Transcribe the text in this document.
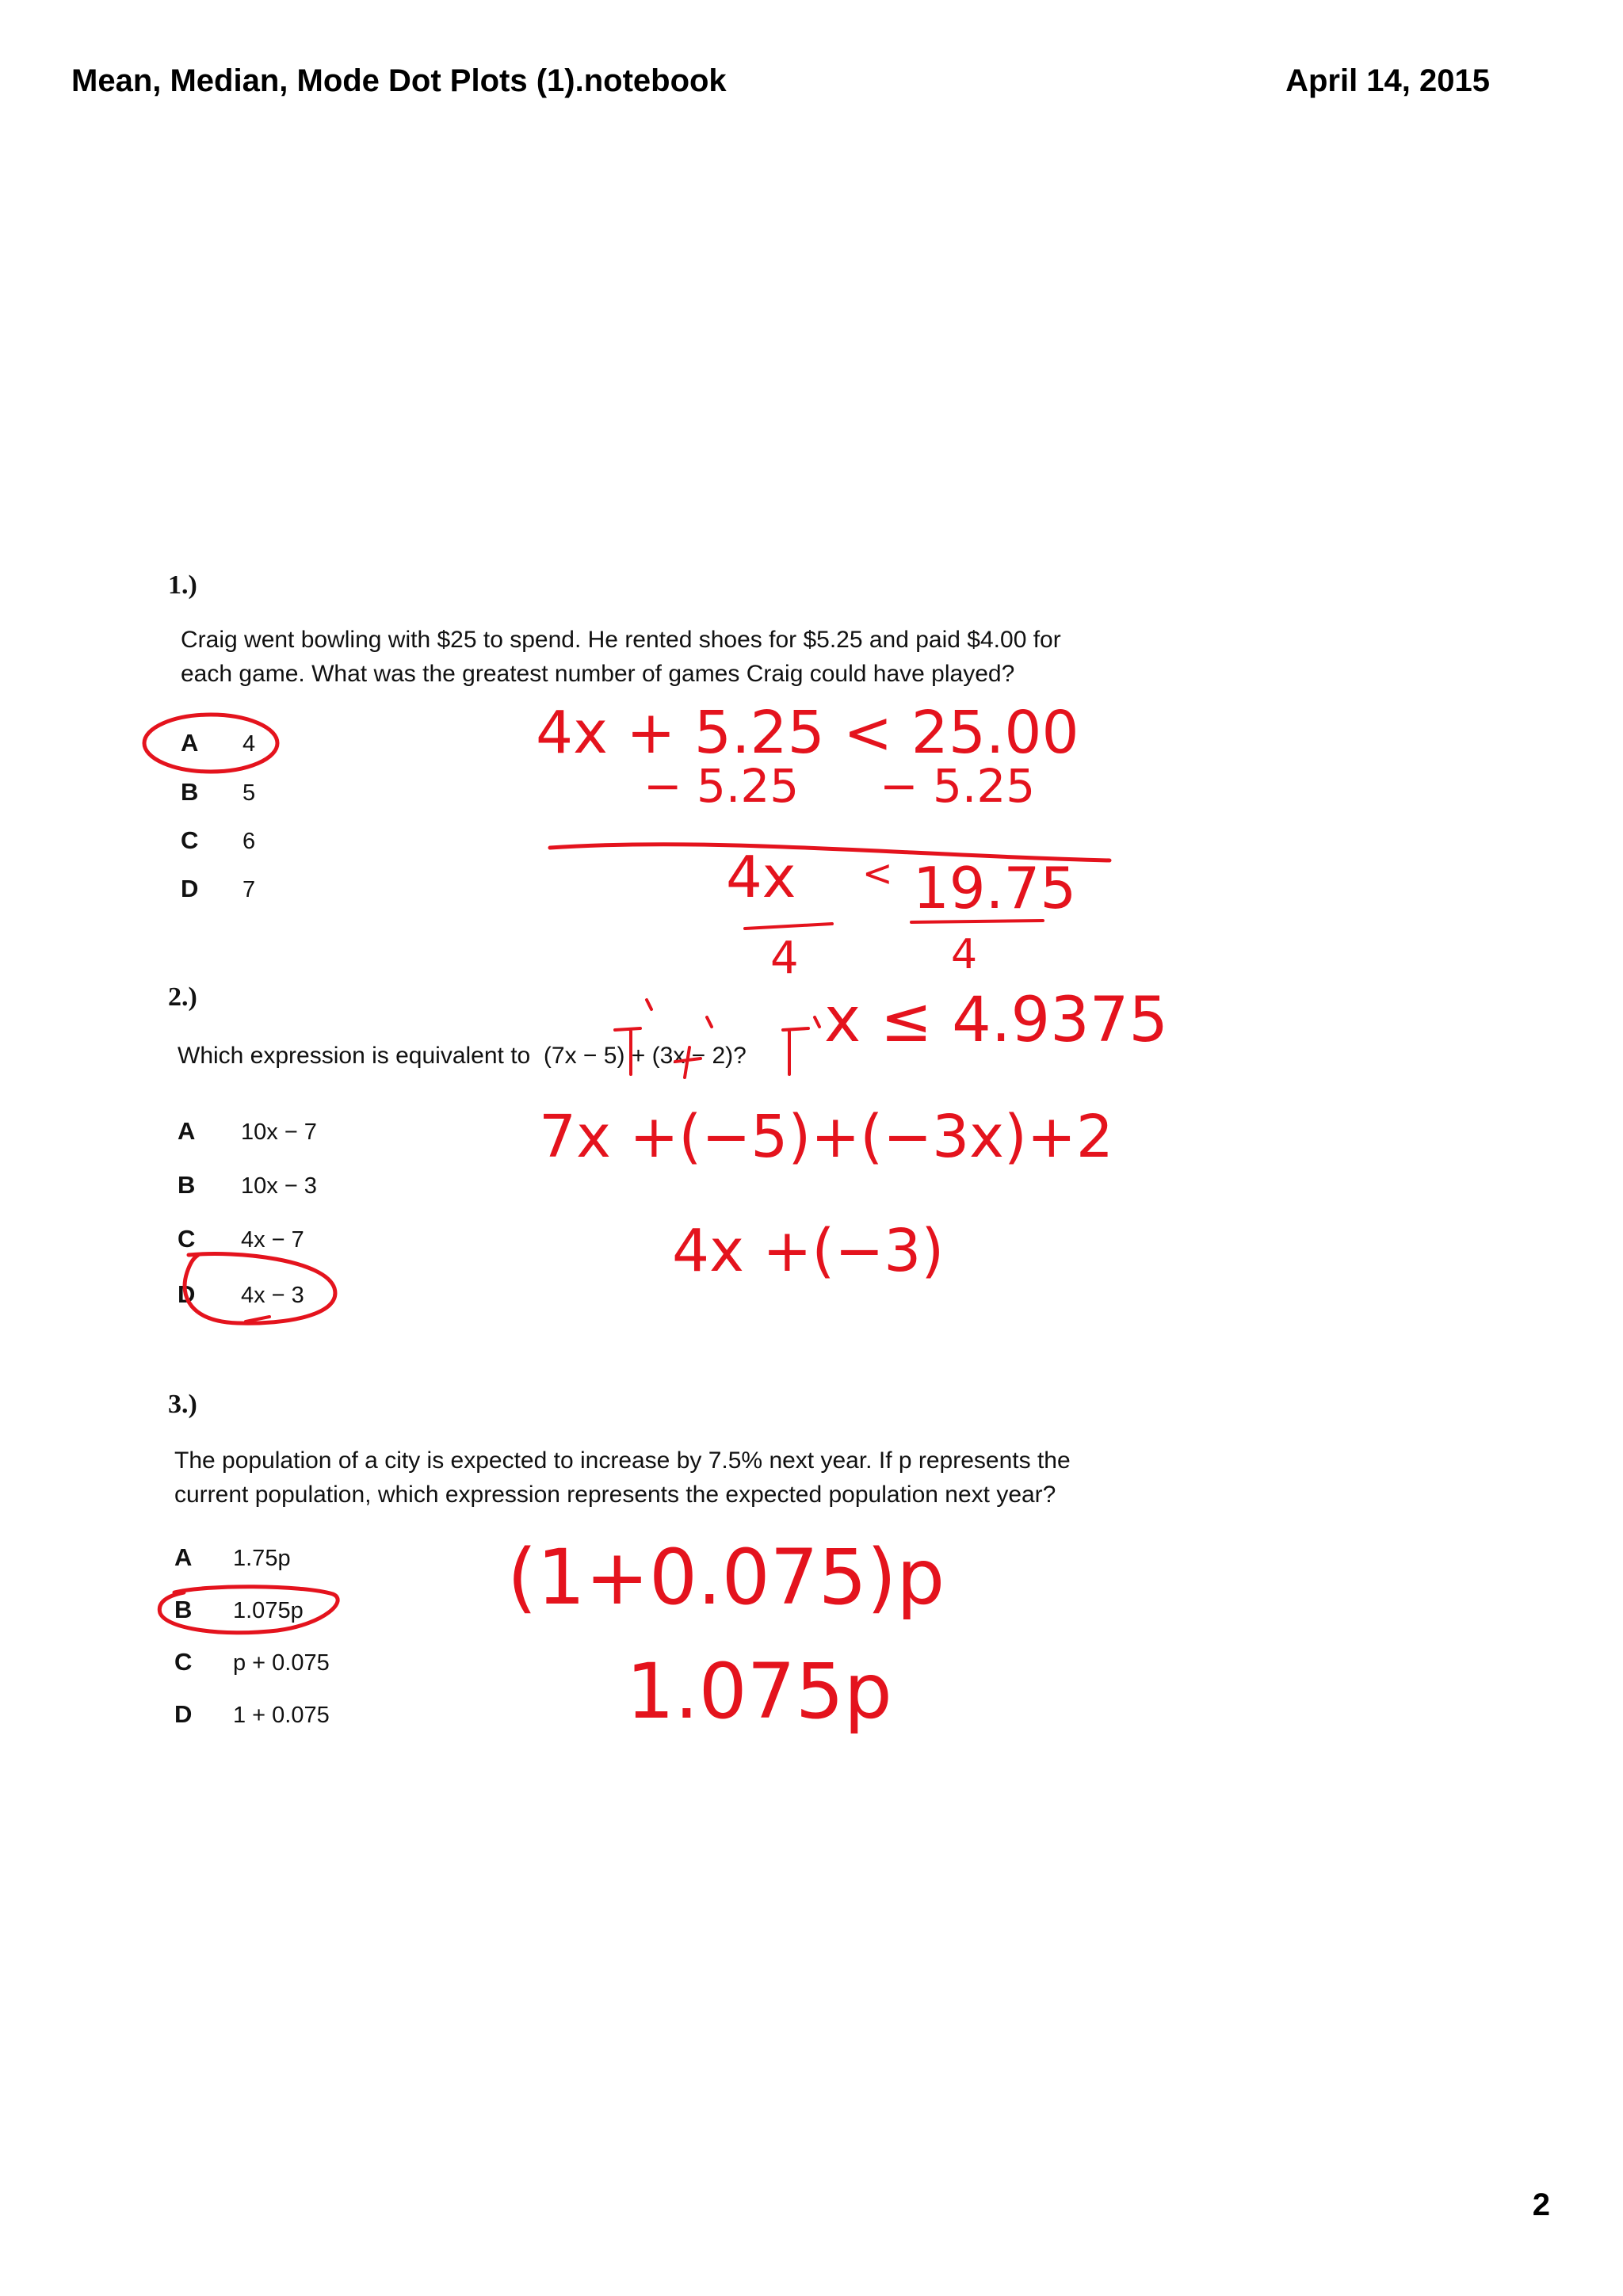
Mean, Median, Mode Dot Plots (1).notebook	April 14, 2015
1.)
Craig went bowling with $25 to spend. He rented shoes for $5.25 and paid $4.00 for
each game. What was the greatest number of games Craig could have played?
A 4
B 5
C 6
D 7
2.)
Which expression is equivalent to (7x − 5) + (3x − 2)?
A 10x − 7
B 10x − 3
C 4x − 7
D 4x − 3
3.)
The population of a city is expected to increase by 7.5% next year. If p represents the
current population, which expression represents the expected population next year?
A 1.75p
B 1.075p
C p + 0.075
D 1 + 0.075
4x + 5.25 < 25.00
− 5.25 − 5.25
4x < 19.75
4	4
x ≤ 4.9375
7x +(−5)+(−3x)+2
4x +(−3)
(1+0.075)p
1.075p
2
